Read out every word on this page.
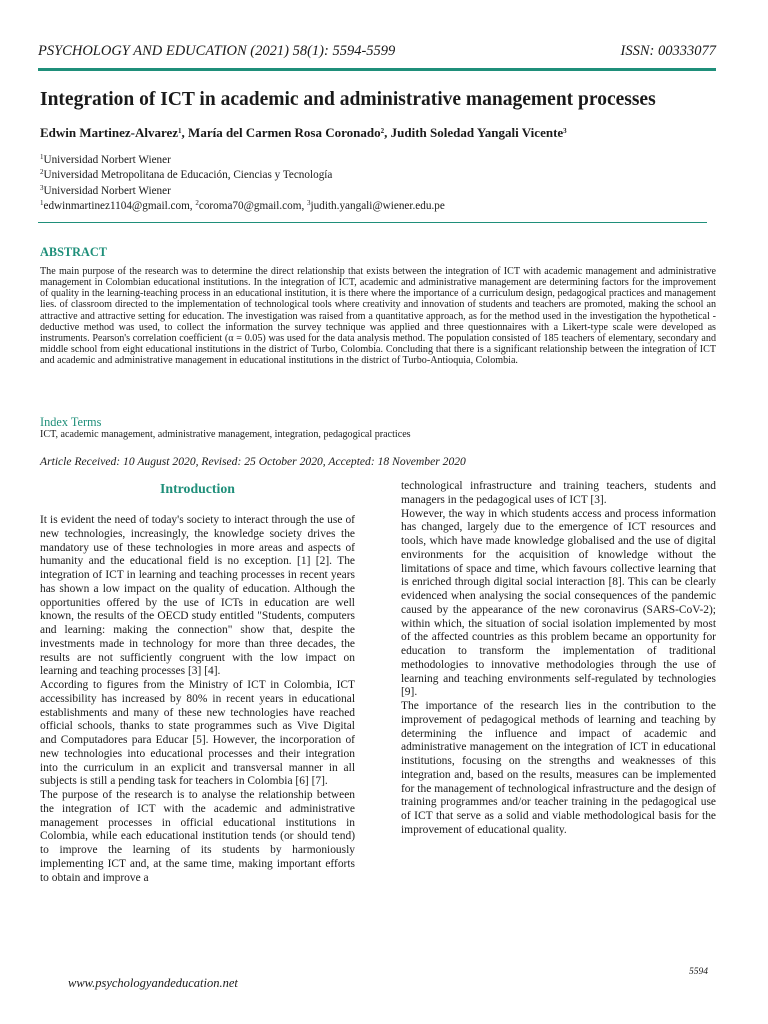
PSYCHOLOGY AND EDUCATION (2021) 58(1): 5594-5599	ISSN: 00333077
Integration of ICT in academic and administrative management processes
Edwin Martinez-Alvarez$^1$, María del Carmen Rosa Coronado$^2$, Judith Soledad Yangali Vicente$^3$
$^1$Universidad Norbert Wiener
$^2$Universidad Metropolitana de Educación, Ciencias y Tecnología
$^3$Universidad Norbert Wiener
$^1$edwinmartinez1104@gmail.com, $^2$coroma70@gmail.com, $^3$judith.yangali@wiener.edu.pe
ABSTRACT

The main purpose of the research was to determine the direct relationship that exists between the integration of ICT with academic management and administrative management in Colombian educational institutions. In the integration of ICT, academic and administrative management are determining factors for the improvement of quality in the learning-teaching process in an educational institution, it is there where the importance of a curriculum design, pedagogical practices and management lies. of classroom directed to the implementation of technological tools where creativity and innovation of students and teachers are promoted, making the school an attractive and attractive setting for education. The investigation was raised from a quantitative approach, as for the method used in the investigation the hypothetical - deductive method was used, to collect the information the survey technique was applied and three questionnaires with a Likert-type scale were developed as instruments. Pearson's correlation coefficient (α = 0.05) was used for the data analysis method. The population consisted of 185 teachers of elementary, secondary and middle school from eight educational institutions in the district of Turbo, Colombia. Concluding that there is a significant relationship between the integration of ICT and academic and administrative management in educational institutions in the district of Turbo-Antioquia, Colombia.

Index Terms
ICT, academic management, administrative management, integration, pedagogical practices
Article Received: 10 August 2020, Revised: 25 October 2020, Accepted: 18 November 2020
Introduction

It is evident the need of today's society to interact through the use of new technologies, increasingly, the knowledge society drives the mandatory use of these technologies in more areas and aspects of humanity and the educational field is no exception. [1] [2]. The integration of ICT in learning and teaching processes in recent years has shown a low impact on the quality of education. Although the opportunities offered by the use of ICTs in education are well known, the results of the OECD study entitled "Students, computers and learning: making the connection" show that, despite the investments made in technology for more than three decades, the results are not sufficiently congruent with the low impact on learning and teaching processes [3] [4].

According to figures from the Ministry of ICT in Colombia, ICT accessibility has increased by 80% in recent years in educational establishments and many of these new technologies have reached official schools, thanks to state programmes such as Vive Digital and Computadores para Educar [5]. However, the incorporation of new technologies into educational processes and their integration into the curriculum in an explicit and transversal manner in all subjects is still a pending task for teachers in Colombia [6] [7].

The purpose of the research is to analyse the relationship between the integration of ICT with the academic and administrative management processes in official educational institutions in Colombia, while each educational institution tends (or should tend) to improve the learning of its students by harmoniously implementing ICT and, at the same time, making important efforts to obtain and improve a

technological infrastructure and training teachers, students and managers in the pedagogical uses of ICT [3].

However, the way in which students access and process information has changed, largely due to the emergence of ICT resources and tools, which have made knowledge globalised and the use of digital environments for the acquisition of knowledge without the limitations of space and time, which favours collective learning that is enriched through digital social interaction [8]. This can be clearly evidenced when analysing the social consequences of the pandemic caused by the appearance of the new coronavirus (SARS-CoV-2); within which, the situation of social isolation implemented by most of the affected countries as this problem became an opportunity for education to transform the implementation of traditional methodologies to innovative methodologies through the use of learning and teaching environments self-regulated by technologies [9].

The importance of the research lies in the contribution to the improvement of pedagogical methods of learning and teaching by determining the influence and impact of academic and administrative management on the integration of ICT in educational institutions, focusing on the strengths and weaknesses of this integration and, based on the results, measures can be implemented for the management of technological infrastructure and the design of training programmes and/or teacher training in the pedagogical use of ICT that serve as a solid and viable methodological basis for the improvement of educational quality.

5594
www.psychologyandeducation.net
